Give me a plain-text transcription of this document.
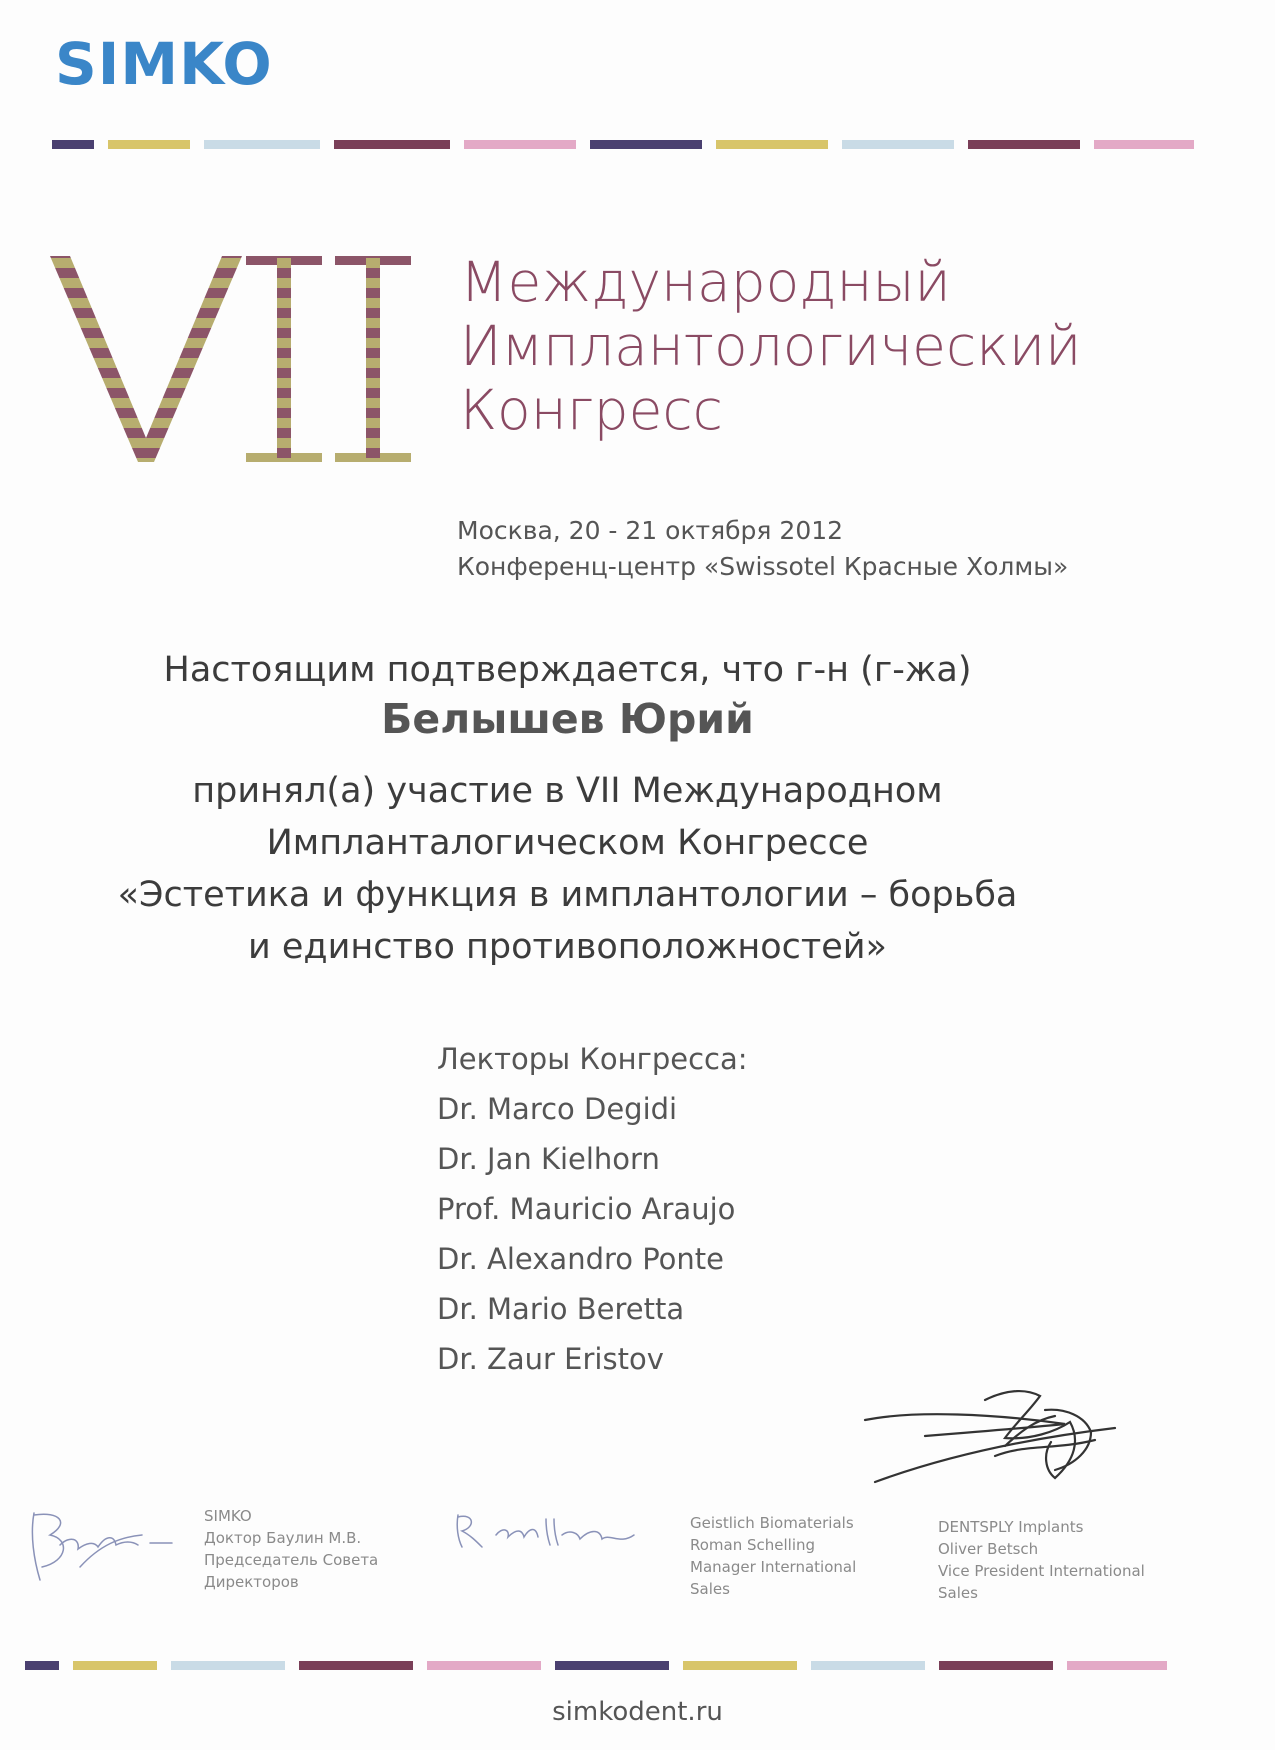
SIMKO
Международный
Имплантологический
Конгресс
Москва, 20 - 21 октября 2012
Конференц-центр «Swissotel Красные Холмы»
Настоящим подтверждается, что г-н (г-жа)
Белышев Юрий
принял(а) участие в VII Международном
Импланталогическом Конгрессе
«Эстетика и функция в имплантологии – борьба
и единство противоположностей»
Лекторы Конгресса:
Dr. Marco Degidi
Dr. Jan Kielhorn
Prof. Mauricio Araujo
Dr. Alexandro Ponte
Dr. Mario Beretta
Dr. Zaur Eristov
SIMKO
Доктор Баулин М.В.
Председатель Совета
Директоров
Geistlich Biomaterials
Roman Schelling
Manager International
Sales
DENTSPLY Implants
Oliver Betsch
Vice President International
Sales
simkodent.ru
